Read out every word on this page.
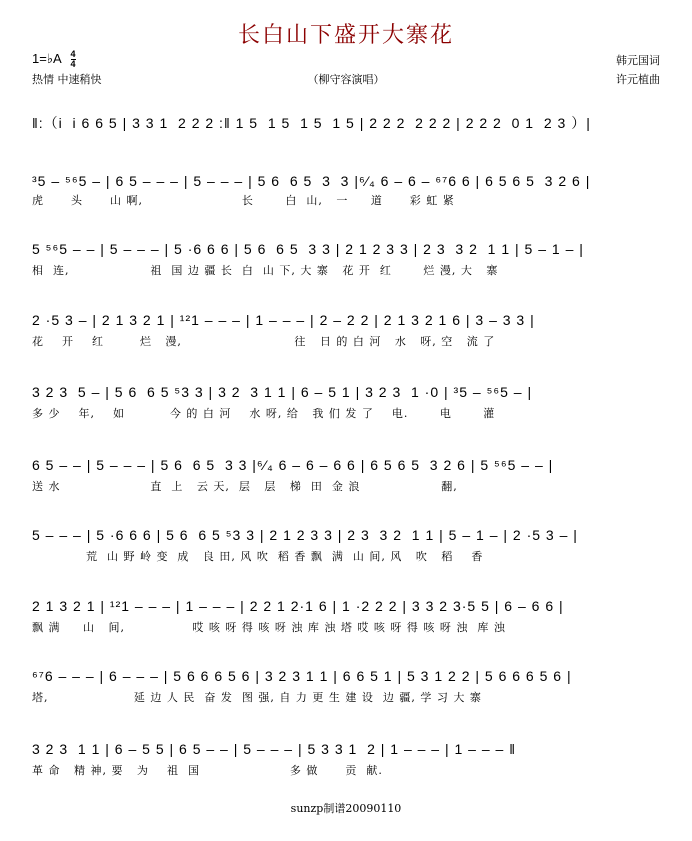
长白山下盛开大寨花
1=♭A $\frac{4}{4}$
热情 中速稍快	（柳守容演唱）
韩元国词
许元植曲
‖:（i  i 6 6 5 | 3 3 1  2 2 2 :‖ 1 5  1 5  1 5  1 5 | 2 2 2  2 2 2 | 2 2 2  0 1  2 3 ）|
³5 – ⁵⁶5 – | 6 5 – – – | 5 – – – | 5 6  6 5  3  3 |⁶⁄₄ 6 – 6 – ⁶⁷6 6 | 6 5 6 5  3 2 6 |
虎      头      山 啊,                      长       白  山,   一     道      彩 虹 紧
5 ⁵⁶5 – – | 5 – – – | 5 ·6 6 6 | 5 6  6 5  3 3 | 2 1 2 3 3 | 2 3  3 2  1 1 | 5 – 1 – |
相  连,                  祖  国 边 疆 长  白  山 下, 大 寨   花 开  红       烂 漫, 大   寨
2 ·5 3 – | 2 1 3 2 1 | ¹²1 – – – | 1 – – – | 2 – 2 2 | 2 1 3 2 1 6 | 3 – 3 3 |
花    开    红        烂   漫,                         往   日 的 白 河   水   呀, 空   流 了
3 2 3  5 – | 5 6  6 5 ⁵3 3 | 3 2  3 1 1 | 6 – 5 1 | 3 2 3  1 ·0 | ³5 – ⁵⁶5 – |
多 少    年,    如          今 的 白 河    水 呀, 给   我 们 发 了    电.       电       灌
6 5 – – | 5 – – – | 5 6  6 5  3 3 |⁶⁄₄ 6 – 6 – 6 6 | 6 5 6 5  3 2 6 | 5 ⁵⁶5 – – |
送 水                    直  上   云 天,  层   层   梯  田  金 浪                  翻,
5 – – – | 5 ·6 6 6 | 5 6  6 5 ⁵3 3 | 2 1 2 3 3 | 2 3  3 2  1 1 | 5 – 1 – | 2 ·5 3 – |
荒  山 野 岭 变  成   良 田, 风 吹  稻 香 飘  满  山 间, 风   吹   稻    香
2 1 3 2 1 | ¹²1 – – – | 1 – – – | 2 2 1 2·1 6 | 1 ·2 2 2 | 3 3 2 3·5 5 | 6 – 6 6 |
飘 满     山   间,               哎 咳 呀 得 咳 呀 浊 库 浊 塔 哎 咳 呀 得 咳 呀 浊  库 浊
⁶⁷6 – – – | 6 – – – | 5 6 6 6 5 6 | 3 2 3 1 1 | 6 6 5 1 | 5 3 1 2 2 | 5 6 6 6 5 6 |
塔,                   延 边 人 民  奋 发  图 强, 自 力 更 生 建 设  边 疆, 学 习 大 寨
3 2 3  1 1 | 6 – 5 5 | 6 5 – – | 5 – – – | 5 3 3 1  2 | 1 – – – | 1 – – – ‖
革 命   精 神, 要   为    祖  国                    多 做      贡  献.
sunzp制谱20090110
